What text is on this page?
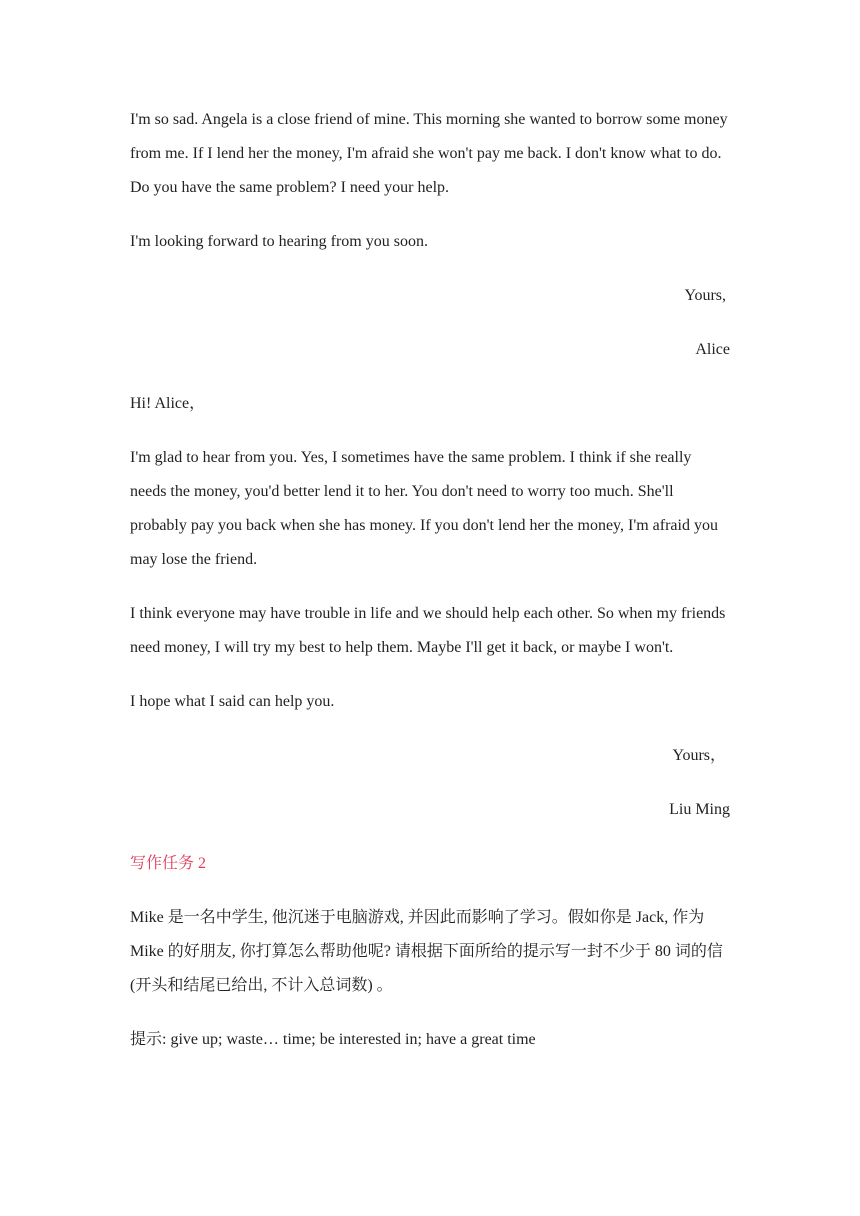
I'm so sad. Angela is a close friend of mine. This morning she wanted to borrow some money from me. If I lend her the money, I'm afraid she won't pay me back. I don't know what to do. Do you have the same problem? I need your help.

I'm looking forward to hearing from you soon.

Yours,

Alice

Hi! Alice，

I'm glad to hear from you. Yes, I sometimes have the same problem. I think if she really needs the money, you'd better lend it to her. You don't need to worry too much. She'll probably pay you back when she has money. If you don't lend her the money, I'm afraid you may lose the friend.

I think everyone may have trouble in life and we should help each other. So when my friends need money, I will try my best to help them. Maybe I'll get it back, or maybe I won't.

I hope what I said can help you.

Yours，

Liu Ming

写作任务 2

Mike 是一名中学生, 他沉迷于电脑游戏, 并因此而影响了学习。假如你是 Jack, 作为 Mike 的好朋友, 你打算怎么帮助他呢? 请根据下面所给的提示写一封不少于 80 词的信(开头和结尾已给出, 不计入总词数) 。

提示: give up; waste… time; be interested in; have a great time
